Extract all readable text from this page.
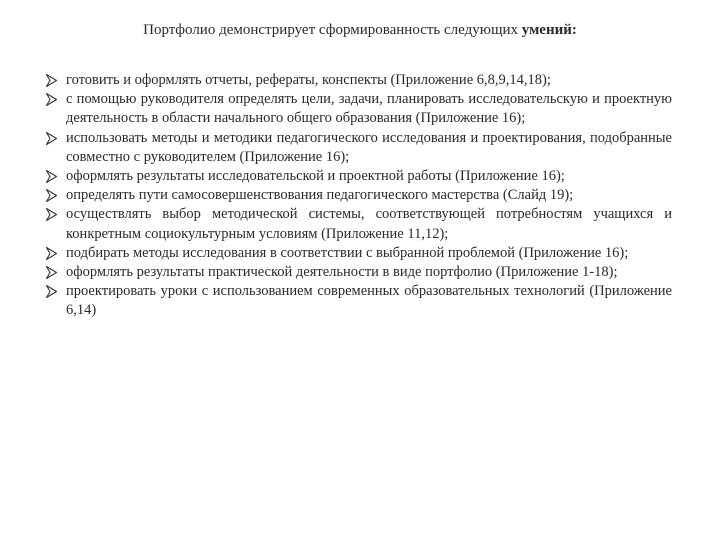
Портфолио демонстрирует сформированность следующих умений:
готовить и оформлять отчеты, рефераты, конспекты (Приложение 6,8,9,14,18);
с помощью руководителя определять цели, задачи, планировать исследовательскую и проектную деятельность в области начального общего образования (Приложение 16);
использовать методы и методики педагогического исследования и проектирования, подобранные совместно с руководителем (Приложение 16);
оформлять результаты исследовательской и проектной работы (Приложение 16);
определять пути самосовершенствования педагогического мастерства (Слайд 19);
осуществлять выбор методической системы, соответствующей потребностям учащихся и конкретным социокультурным условиям (Приложение 11,12);
подбирать методы исследования в соответствии с выбранной проблемой (Приложение 16);
оформлять результаты практической деятельности в виде портфолио (Приложение 1-18);
проектировать уроки с использованием современных образовательных технологий (Приложение 6,14)
